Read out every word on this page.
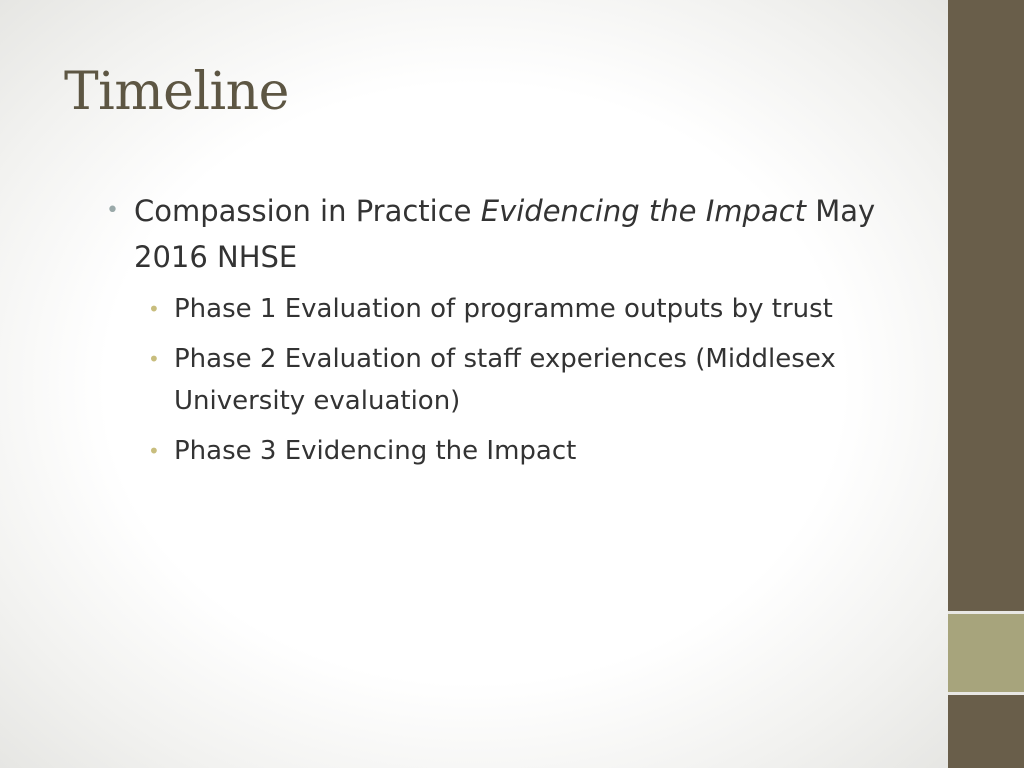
Timeline
• Compassion in Practice Evidencing the Impact May 2016 NHSE
• Phase 1 Evaluation of programme outputs by trust
• Phase 2 Evaluation of staff experiences (Middlesex University evaluation)
• Phase 3 Evidencing the Impact
